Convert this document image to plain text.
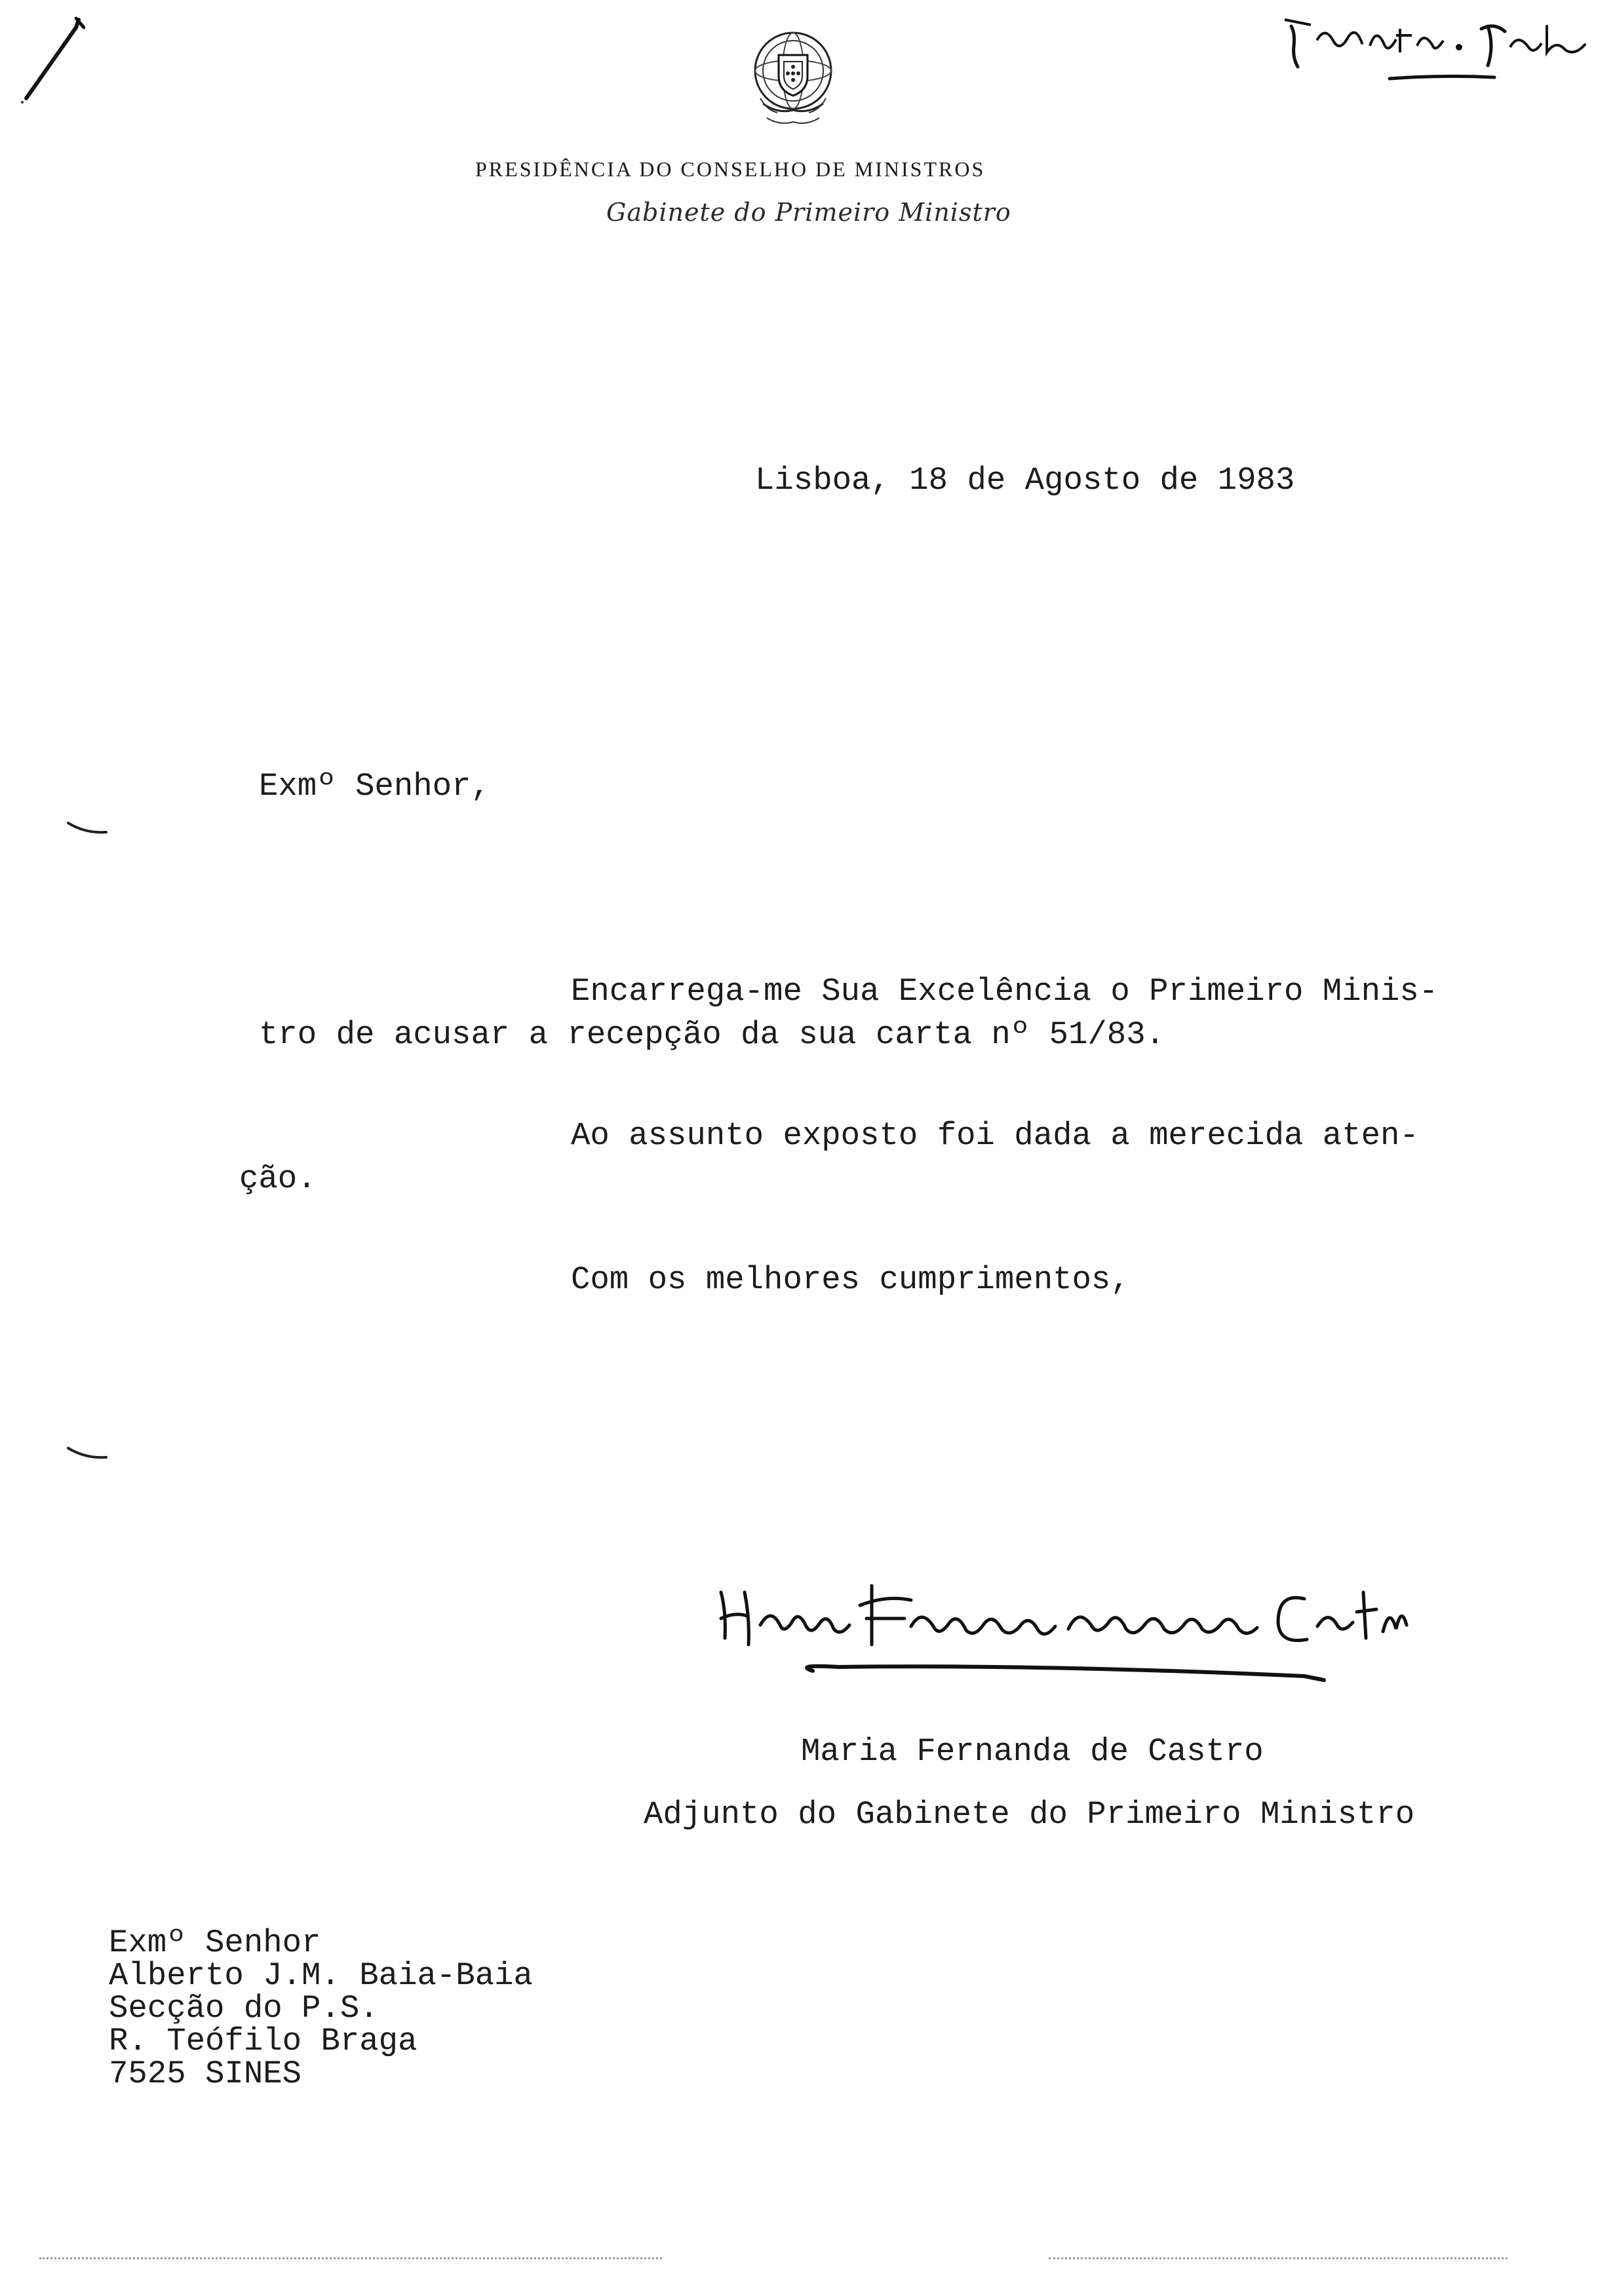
PRESIDÊNCIA DO CONSELHO DE MINISTROS
Gabinete do Primeiro Ministro
Lisboa, 18 de Agosto de 1983
Exmº Senhor,
Encarrega-me Sua Excelência o Primeiro Minis-
tro de acusar a recepção da sua carta nº 51/83.
Ao assunto exposto foi dada a merecida aten-
ção.
Com os melhores cumprimentos,
Maria Fernanda de Castro
Adjunto do Gabinete do Primeiro Ministro
Exmº Senhor
Alberto J.M. Baia-Baia
Secção do P.S.
R. Teófilo Braga
7525 SINES
